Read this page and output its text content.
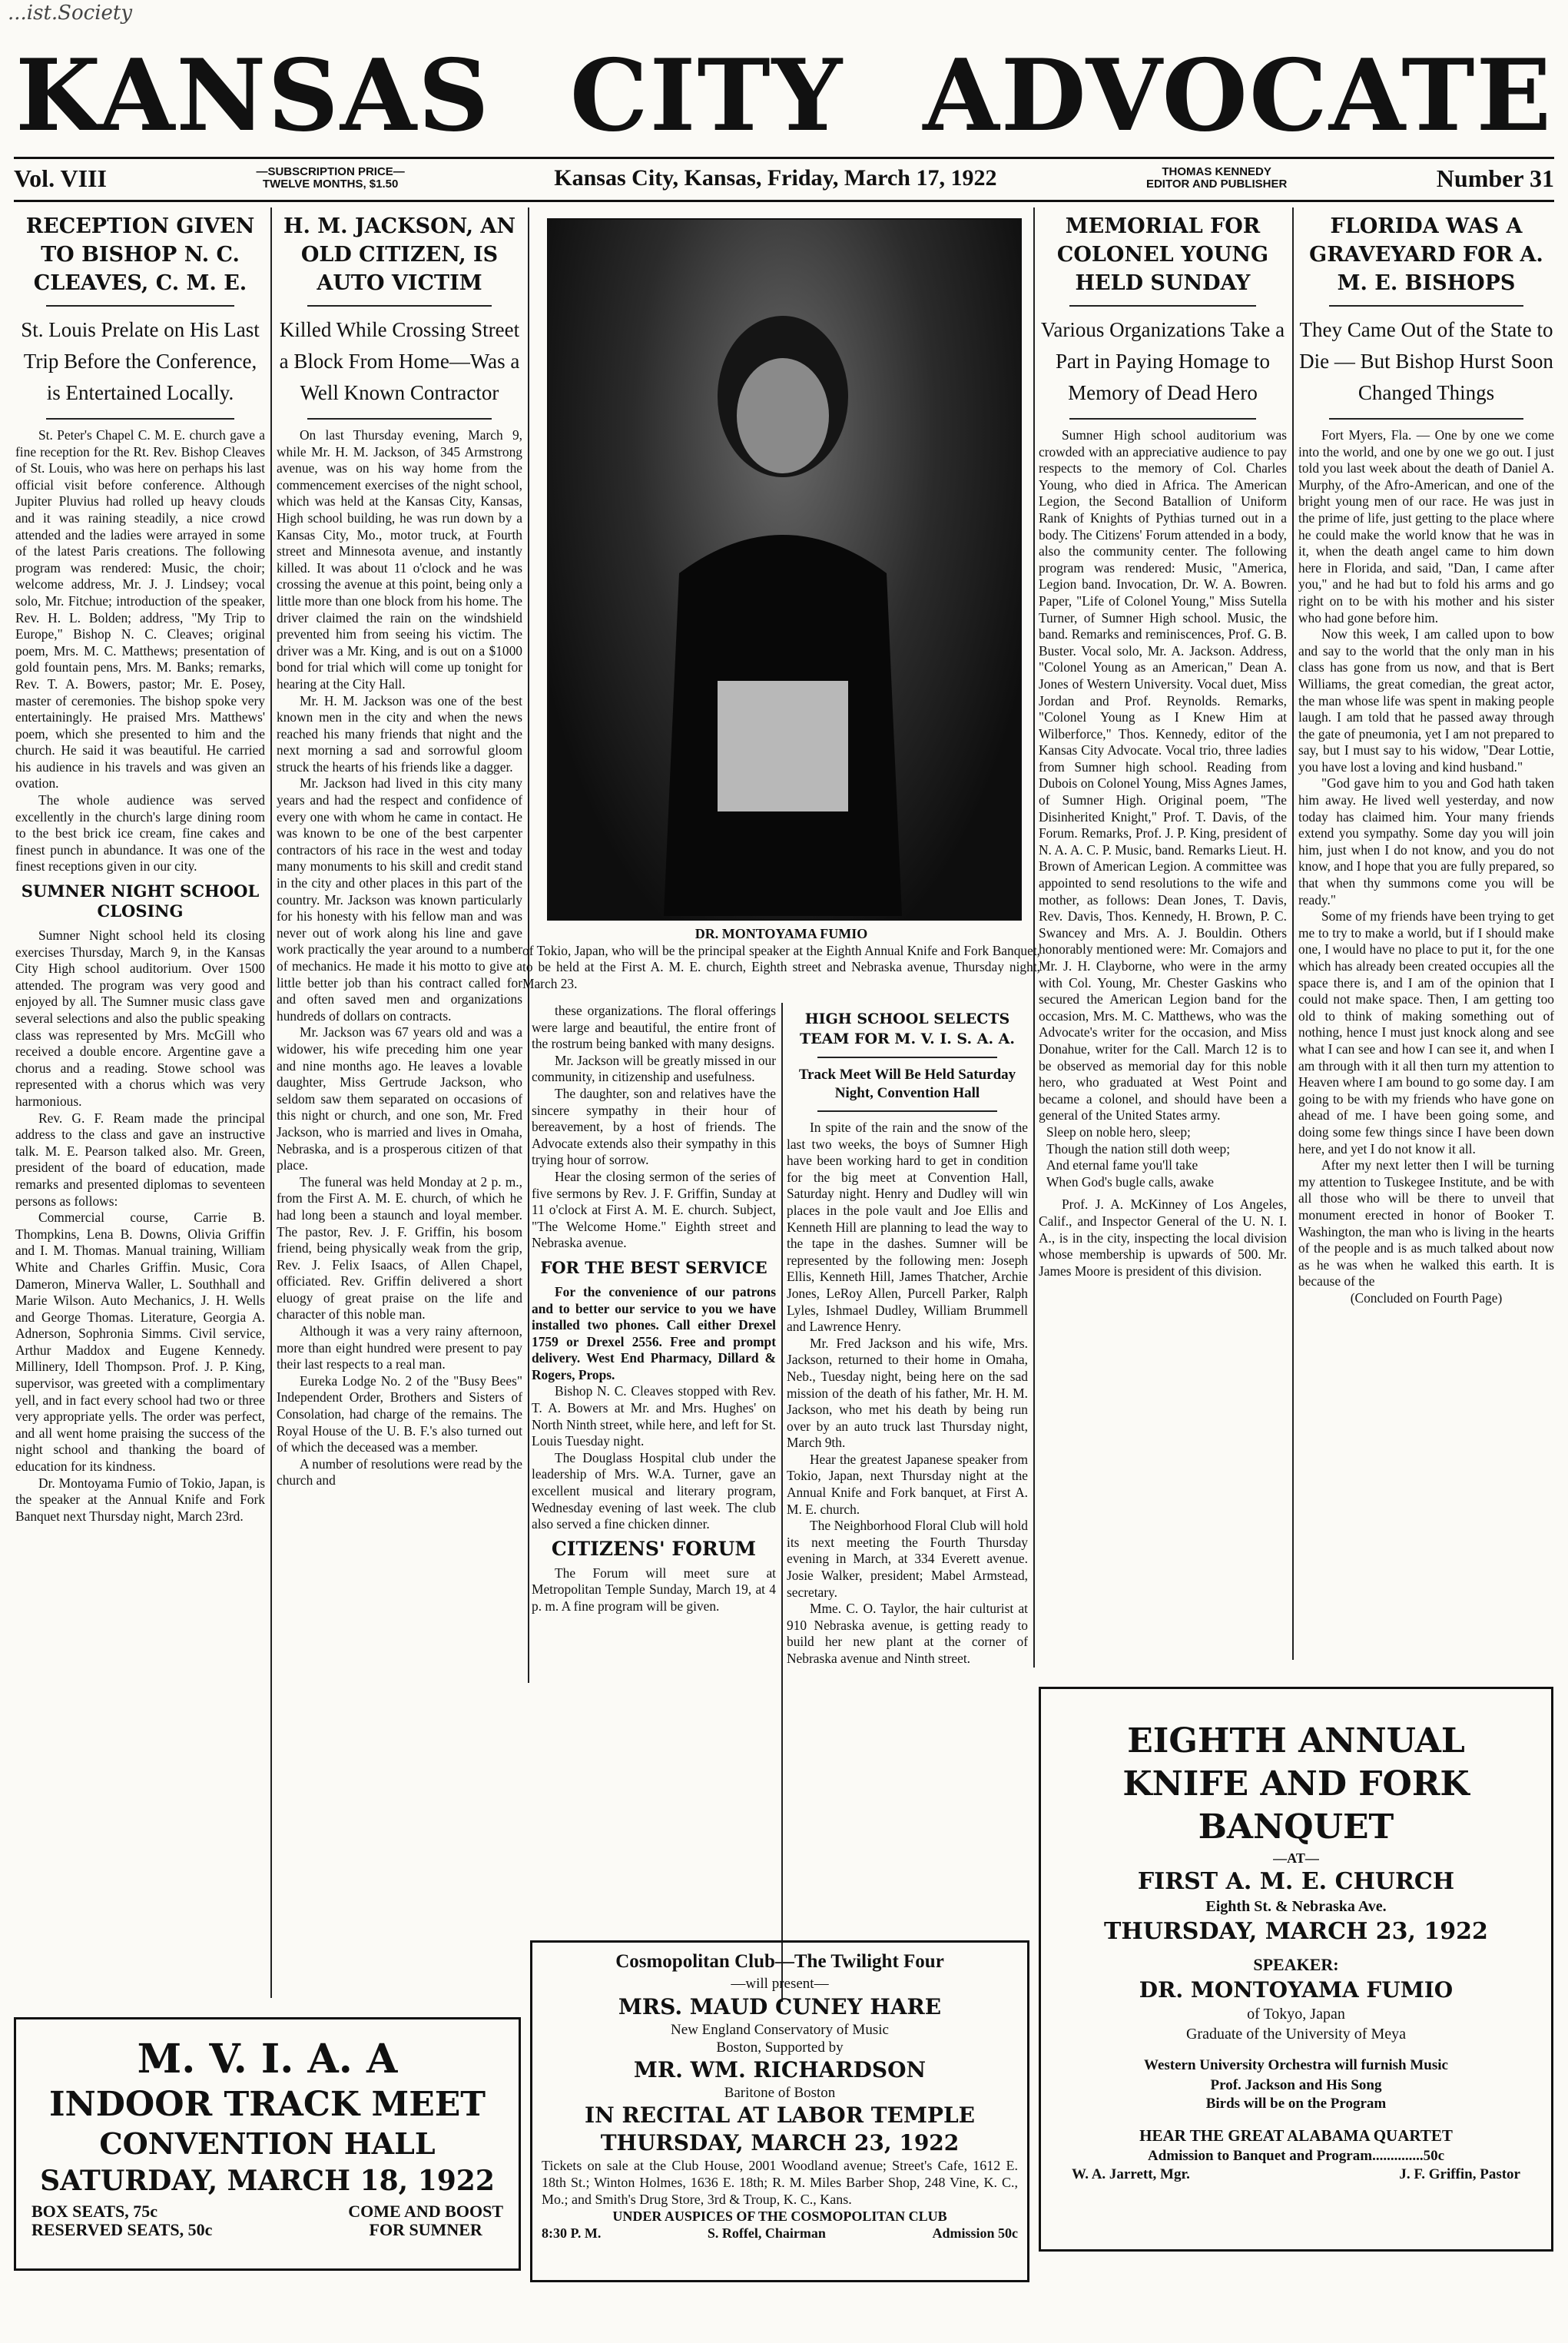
...ist.Society
KANSAS CITY ADVOCATE
Vol. VIII	—SUBSCRIPTION PRICE—
TWELVE MONTHS, $1.50	Kansas City, Kansas, Friday, March 17, 1922	THOMAS KENNEDY
EDITOR AND PUBLISHER	Number 31
RECEPTION GIVEN TO BISHOP N. C. CLEAVES, C. M. E.
St. Louis Prelate on His Last Trip Before the Conference, is Entertained Locally.

St. Peter's Chapel C. M. E. church gave a fine reception for the Rt. Rev. Bishop Cleaves of St. Louis, who was here on perhaps his last official visit before conference. Although Jupiter Pluvius had rolled up heavy clouds and it was raining steadily, a nice crowd attended and the ladies were arrayed in some of the latest Paris creations. The following program was rendered: Music, the choir; welcome address, Mr. J. J. Lindsey; vocal solo, Mr. Fitchue; introduction of the speaker, Rev. H. L. Bolden; address, "My Trip to Europe," Bishop N. C. Cleaves; original poem, Mrs. M. C. Matthews; presentation of gold fountain pens, Mrs. M. Banks; remarks, Rev. T. A. Bowers, pastor; Mr. E. Posey, master of ceremonies. The bishop spoke very entertainingly. He praised Mrs. Matthews' poem, which she presented to him and the church. He said it was beautiful. He carried his audience in his travels and was given an ovation.

The whole audience was served excellently in the church's large dining room to the best brick ice cream, fine cakes and finest punch in abundance. It was one of the finest receptions given in our city.

SUMNER NIGHT SCHOOL CLOSING

Sumner Night school held its closing exercises Thursday, March 9, in the Kansas City High school auditorium. Over 1500 attended. The program was very good and enjoyed by all. The Sumner music class gave several selections and also the public speaking class was represented by Mrs. McGill who received a double encore. Argentine gave a chorus and a reading. Stowe school was represented with a chorus which was very harmonious.

Rev. G. F. Ream made the principal address to the class and gave an instructive talk. M. E. Pearson talked also. Mr. Green, president of the board of education, made remarks and presented diplomas to seventeen persons as follows:

Commercial course, Carrie B. Thompkins, Lena B. Downs, Olivia Griffin and I. M. Thomas. Manual training, William White and Charles Griffin. Music, Cora Dameron, Minerva Waller, L. Southhall and Marie Wilson. Auto Mechanics, J. H. Wells and George Thomas. Literature, Georgia A. Adnerson, Sophronia Simms. Civil service, Arthur Maddox and Eugene Kennedy. Millinery, Idell Thompson. Prof. J. P. King, supervisor, was greeted with a complimentary yell, and in fact every school had two or three very appropriate yells. The order was perfect, and all went home praising the success of the night school and thanking the board of education for its kindness.

Dr. Montoyama Fumio of Tokio, Japan, is the speaker at the Annual Knife and Fork Banquet next Thursday night, March 23rd.

H. M. JACKSON, AN OLD CITIZEN, IS AUTO VICTIM
Killed While Crossing Street a Block From Home—Was a Well Known Contractor

On last Thursday evening, March 9, while Mr. H. M. Jackson, of 345 Armstrong avenue, was on his way home from the commencement exercises of the night school, which was held at the Kansas City, Kansas, High school building, he was run down by a Kansas City, Mo., motor truck, at Fourth street and Minnesota avenue, and instantly killed. It was about 11 o'clock and he was crossing the avenue at this point, being only a little more than one block from his home. The driver claimed the rain on the windshield prevented him from seeing his victim. The driver was a Mr. King, and is out on a $1000 bond for trial which will come up tonight for hearing at the City Hall.

Mr. H. M. Jackson was one of the best known men in the city and when the news reached his many friends that night and the next morning a sad and sorrowful gloom struck the hearts of his friends like a dagger.

Mr. Jackson had lived in this city many years and had the respect and confidence of every one with whom he came in contact. He was known to be one of the best carpenter contractors of his race in the west and today many monuments to his skill and credit stand in the city and other places in this part of the country. Mr. Jackson was known particularly for his honesty with his fellow man and was never out of work along his line and gave work practically the year around to a number of mechanics. He made it his motto to give a little better job than his contract called for and often saved men and organizations hundreds of dollars on contracts.

Mr. Jackson was 67 years old and was a widower, his wife preceding him one year and nine months ago. He leaves a lovable daughter, Miss Gertrude Jackson, who seldom saw them separated on occasions of this night or church, and one son, Mr. Fred Jackson, who is married and lives in Omaha, Nebraska, and is a prosperous citizen of that place.

The funeral was held Monday at 2 p. m., from the First A. M. E. church, of which he had long been a staunch and loyal member. The pastor, Rev. J. F. Griffin, his bosom friend, being physically weak from the grip, Rev. J. Felix Isaacs, of Allen Chapel, officiated. Rev. Griffin delivered a short eluogy of great praise on the life and character of this noble man.

Although it was a very rainy afternoon, more than eight hundred were present to pay their last respects to a real man.

Eureka Lodge No. 2 of the "Busy Bees" Independent Order, Brothers and Sisters of Consolation, had charge of the remains. The Royal House of the U. B. F.'s also turned out of which the deceased was a member.

A number of resolutions were read by the church and

DR. MONTOYAMA FUMIO
of Tokio, Japan, who will be the principal speaker at the Eighth Annual Knife and Fork Banquet, to be held at the First A. M. E. church, Eighth street and Nebraska avenue, Thursday night, March 23.

these organizations. The floral offerings were large and beautiful, the entire front of the rostrum being banked with many designs.

Mr. Jackson will be greatly missed in our community, in citizenship and usefulness.

The daughter, son and relatives have the sincere sympathy in their hour of bereavement, by a host of friends. The Advocate extends also their sympathy in this trying hour of sorrow.

Hear the closing sermon of the series of five sermons by Rev. J. F. Griffin, Sunday at 11 o'clock at First A. M. E. church. Subject, "The Welcome Home." Eighth street and Nebraska avenue.

FOR THE BEST SERVICE

For the convenience of our patrons and to better our service to you we have installed two phones. Call either Drexel 1759 or Drexel 2556. Free and prompt delivery. West End Pharmacy, Dillard & Rogers, Props.

Bishop N. C. Cleaves stopped with Rev. T. A. Bowers at Mr. and Mrs. Hughes' on North Ninth street, while here, and left for St. Louis Tuesday night.

The Douglass Hospital club under the leadership of Mrs. W.A. Turner, gave an excellent musical and literary program, Wednesday evening of last week. The club also served a fine chicken dinner.

CITIZENS' FORUM

The Forum will meet sure at Metropolitan Temple Sunday, March 19, at 4 p. m. A fine program will be given.

HIGH SCHOOL SELECTS TEAM FOR M. V. I. S. A. A.
Track Meet Will Be Held Saturday Night, Convention Hall

In spite of the rain and the snow of the last two weeks, the boys of Sumner High have been working hard to get in condition for the big meet at Convention Hall, Saturday night. Henry and Dudley will win places in the pole vault and Joe Ellis and Kenneth Hill are planning to lead the way to the tape in the dashes. Sumner will be represented by the following men: Joseph Ellis, Kenneth Hill, James Thatcher, Archie Jones, LeRoy Allen, Purcell Parker, Ralph Lyles, Ishmael Dudley, William Brummell and Lawrence Henry.

Mr. Fred Jackson and his wife, Mrs. Jackson, returned to their home in Omaha, Neb., Tuesday night, being here on the sad mission of the death of his father, Mr. H. M. Jackson, who met his death by being run over by an auto truck last Thursday night, March 9th.

Hear the greatest Japanese speaker from Tokio, Japan, next Thursday night at the Annual Knife and Fork banquet, at First A. M. E. church.

The Neighborhood Floral Club will hold its next meeting the Fourth Thursday evening in March, at 334 Everett avenue. Josie Walker, president; Mabel Armstead, secretary.

Mme. C. O. Taylor, the hair culturist at 910 Nebraska avenue, is getting ready to build her new plant at the corner of Nebraska avenue and Ninth street.

MEMORIAL FOR COLONEL YOUNG HELD SUNDAY
Various Organizations Take a Part in Paying Homage to Memory of Dead Hero

Sumner High school auditorium was crowded with an appreciative audience to pay respects to the memory of Col. Charles Young, who died in Africa. The American Legion, the Second Batallion of Uniform Rank of Knights of Pythias turned out in a body. The Citizens' Forum attended in a body, also the community center. The following program was rendered: Music, "America, Legion band. Invocation, Dr. W. A. Bowren. Paper, "Life of Colonel Young," Miss Sutella Turner, of Sumner High school. Music, the band. Remarks and reminiscences, Prof. G. B. Buster. Vocal solo, Mr. A. Jackson. Address, "Colonel Young as an American," Dean A. Jones of Western University. Vocal duet, Miss Jordan and Prof. Reynolds. Remarks, "Colonel Young as I Knew Him at Wilberforce," Thos. Kennedy, editor of the Kansas City Advocate. Vocal trio, three ladies from Sumner high school. Reading from Dubois on Colonel Young, Miss Agnes James, of Sumner High. Original poem, "The Disinherited Knight," Prof. T. Davis, of the Forum. Remarks, Prof. J. P. King, president of N. A. A. C. P. Music, band. Remarks Lieut. H. Brown of American Legion. A committee was appointed to send resolutions to the wife and mother, as follows: Dean Jones, T. Davis, Rev. Davis, Thos. Kennedy, H. Brown, P. C. Swancey and Mrs. A. J. Bouldin. Others honorably mentioned were: Mr. Comajors and Mr. J. H. Clayborne, who were in the army with Col. Young, Mr. Chester Gaskins who secured the American Legion band for the occasion, Mrs. M. C. Matthews, who was the Advocate's writer for the occasion, and Miss Donahue, writer for the Call. March 12 is to be observed as memorial day for this noble hero, who graduated at West Point and became a colonel, and should have been a general of the United States army.

Sleep on noble hero, sleep;
Though the nation still doth weep;
And eternal fame you'll take
When God's bugle calls, awake

Prof. J. A. McKinney of Los Angeles, Calif., and Inspector General of the U. N. I. A., is in the city, inspecting the local division whose membership is upwards of 500. Mr. James Moore is president of this division.

FLORIDA WAS A GRAVEYARD FOR A. M. E. BISHOPS
They Came Out of the State to Die — But Bishop Hurst Soon Changed Things

Fort Myers, Fla. — One by one we come into the world, and one by one we go out. I just told you last week about the death of Daniel A. Murphy, of the Afro-American, and one of the bright young men of our race. He was just in the prime of life, just getting to the place where he could make the world know that he was in it, when the death angel came to him down here in Florida, and said, "Dan, I came after you," and he had but to fold his arms and go right on to be with his mother and his sister who had gone before him.

Now this week, I am called upon to bow and say to the world that the only man in his class has gone from us now, and that is Bert Williams, the great comedian, the great actor, the man whose life was spent in making people laugh. I am told that he passed away through the gate of pneumonia, yet I am not prepared to say, but I must say to his widow, "Dear Lottie, you have lost a loving and kind husband."

"God gave him to you and God hath taken him away. He lived well yesterday, and now today has claimed him. Your many friends extend you sympathy. Some day you will join him, just when I do not know, and you do not know, and I hope that you are fully prepared, so that when thy summons come you will be ready."

Some of my friends have been trying to get me to try to make a world, but if I should make one, I would have no place to put it, for the one which has already been created occupies all the space there is, and I am of the opinion that I could not make space. Then, I am getting too old to think of making something out of nothing, hence I must just knock along and see what I can see and how I can see it, and when I am through with it all then turn my attention to Heaven where I am bound to go some day. I am going to be with my friends who have gone on ahead of me. I have been going some, and doing some few things since I have been down here, and yet I do not know it all.

After my next letter then I will be turning my attention to Tuskegee Institute, and be with all those who will be there to unveil that monument erected in honor of Booker T. Washington, the man who is living in the hearts of the people and is as much talked about now as he was when he walked this earth. It is because of the

(Concluded on Fourth Page)
M. V. I. A. A
INDOOR TRACK MEET
CONVENTION HALL
SATURDAY, MARCH 18, 1922
BOX SEATS, 75c
RESERVED SEATS, 50c
COME AND BOOST
FOR SUMNER
Cosmopolitan Club—The Twilight Four
—will present—
MRS. MAUD CUNEY HARE
New England Conservatory of Music
Boston, Supported by
MR. WM. RICHARDSON
Baritone of Boston
IN RECITAL AT LABOR TEMPLE
THURSDAY, MARCH 23, 1922
Tickets on sale at the Club House, 2001 Woodland avenue; Street's Cafe, 1612 E. 18th St.; Winton Holmes, 1636 E. 18th; R. M. Miles Barber Shop, 248 Vine, K. C., Mo.; and Smith's Drug Store, 3rd & Troup, K. C., Kans.
UNDER AUSPICES OF THE COSMOPOLITAN CLUB
8:30 P. M.	S. Roffel, Chairman	Admission 50c
EIGHTH ANNUAL
KNIFE AND FORK
BANQUET
—AT—
FIRST A. M. E. CHURCH
Eighth St. & Nebraska Ave.
THURSDAY, MARCH 23, 1922
SPEAKER:
DR. MONTOYAMA FUMIO
of Tokyo, Japan
Graduate of the University of Meya
Western University Orchestra will furnish Music
Prof. Jackson and His Song
Birds will be on the Program
HEAR THE GREAT ALABAMA QUARTET
Admission to Banquet and Program..............50c
W. A. Jarrett, Mgr.	J. F. Griffin, Pastor
